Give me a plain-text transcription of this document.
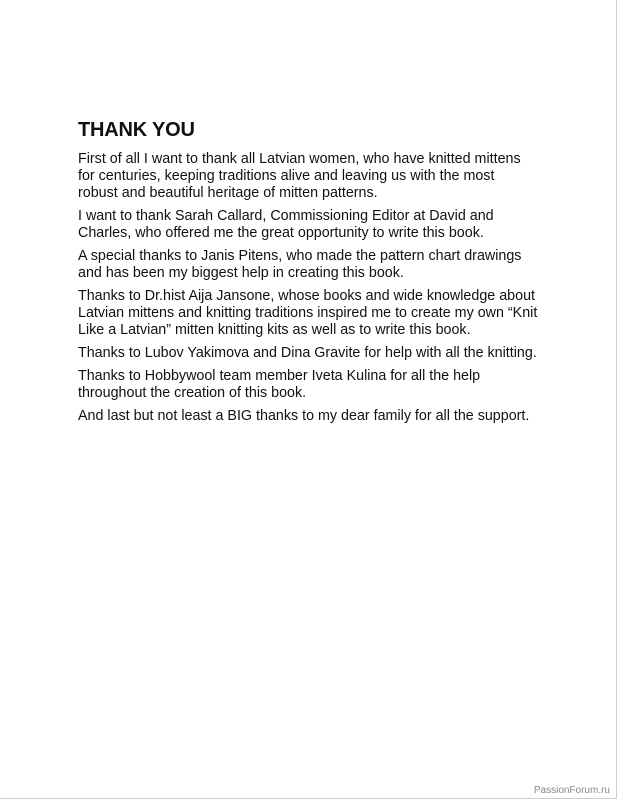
THANK YOU

First of all I want to thank all Latvian women, who have knitted mittens for centuries, keeping traditions alive and leaving us with the most robust and beautiful heritage of mitten patterns.

I want to thank Sarah Callard, Commissioning Editor at David and Charles, who offered me the great opportunity to write this book.

A special thanks to Janis Pitens, who made the pattern chart drawings and has been my biggest help in creating this book.

Thanks to Dr.hist Aija Jansone, whose books and wide knowledge about Latvian mittens and knitting traditions inspired me to create my own “Knit Like a Latvian” mitten knitting kits as well as to write this book.

Thanks to Lubov Yakimova and Dina Gravite for help with all the knitting.

Thanks to Hobbywool team member Iveta Kulina for all the help throughout the creation of this book.

And last but not least a BIG thanks to my dear family for all the support.

PassionForum.ru
